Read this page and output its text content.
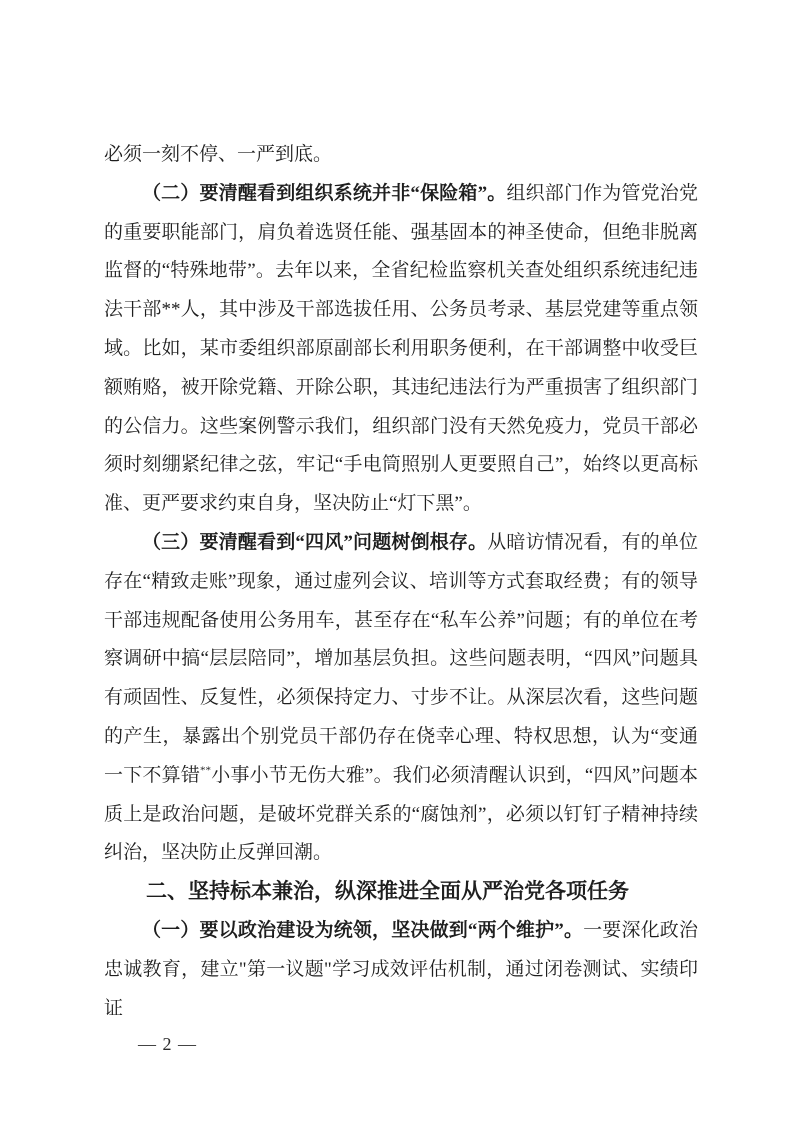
必须一刻不停、一严到底。

（二）要清醒看到组织系统并非“保险箱”。组织部门作为管党治党的重要职能部门，肩负着选贤任能、强基固本的神圣使命，但绝非脱离监督的“特殊地带”。去年以来，全省纪检监察机关查处组织系统违纪违法干部**人，其中涉及干部选拔任用、公务员考录、基层党建等重点领域。比如，某市委组织部原副部长利用职务便利，在干部调整中收受巨额贿赂，被开除党籍、开除公职，其违纪违法行为严重损害了组织部门的公信力。这些案例警示我们，组织部门没有天然免疫力，党员干部必须时刻绷紧纪律之弦，牢记“手电筒照别人更要照自己”，始终以更高标准、更严要求约束自身，坚决防止“灯下黑”。

（三）要清醒看到“四风”问题树倒根存。从暗访情况看，有的单位存在“精致走账”现象，通过虚列会议、培训等方式套取经费；有的领导干部违规配备使用公务用车，甚至存在“私车公养”问题；有的单位在考察调研中搞“层层陪同”，增加基层负担。这些问题表明，“四风”问题具有顽固性、反复性，必须保持定力、寸步不让。从深层次看，这些问题的产生，暴露出个别党员干部仍存在侥幸心理、特权思想，认为“变通一下不算错**小事小节无伤大雅”。我们必须清醒认识到，“四风”问题本质上是政治问题，是破坏党群关系的“腐蚀剂”，必须以钉钉子精神持续纠治，坚决防止反弹回潮。

二、坚持标本兼治，纵深推进全面从严治党各项任务

（一）要以政治建设为统领，坚决做到“两个维护”。一要深化政治忠诚教育，建立"第一议题"学习成效评估机制，通过闭卷测试、实绩印证

— 2 —
